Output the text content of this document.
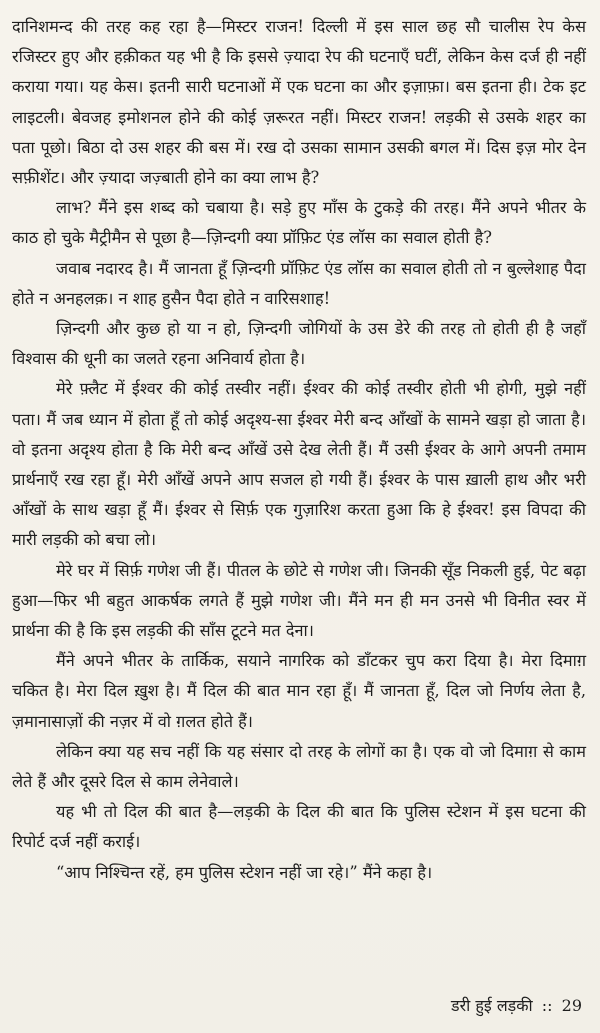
दानिशमन्द की तरह कह रहा है—मिस्टर राजन! दिल्ली में इस साल छह सौ चालीस रेप केस रजिस्टर हुए और हक़ीकत यह भी है कि इससे ज़्यादा रेप की घटनाएँ घटीं, लेकिन केस दर्ज ही नहीं कराया गया। यह केस। इतनी सारी घटनाओं में एक घटना का और इज़ाफ़ा। बस इतना ही। टेक इट लाइटली। बेवजह इमोशनल होने की कोई ज़रूरत नहीं। मिस्टर राजन! लड़की से उसके शहर का पता पूछो। बिठा दो उस शहर की बस में। रख दो उसका सामान उसकी बगल में। दिस इज़ मोर देन सफ़ीशेंट। और ज़्यादा जज़्बाती होने का क्या लाभ है?

लाभ? मैंने इस शब्द को चबाया है। सड़े हुए माँस के टुकड़े की तरह। मैंने अपने भीतर के काठ हो चुके मैट्रीमैन से पूछा है—ज़िन्दगी क्या प्रॉफ़िट एंड लॉस का सवाल होती है?

जवाब नदारद है। मैं जानता हूँ ज़िन्दगी प्रॉफ़िट एंड लॉस का सवाल होती तो न बुल्लेशाह पैदा होते न अनहलक़। न शाह हुसैन पैदा होते न वारिसशाह!

ज़िन्दगी और कुछ हो या न हो, ज़िन्दगी जोगियों के उस डेरे की तरह तो होती ही है जहाँ विश्वास की धूनी का जलते रहना अनिवार्य होता है।

मेरे फ़्लैट में ईश्वर की कोई तस्वीर नहीं। ईश्वर की कोई तस्वीर होती भी होगी, मुझे नहीं पता। मैं जब ध्यान में होता हूँ तो कोई अदृश्य-सा ईश्वर मेरी बन्द आँखों के सामने खड़ा हो जाता है। वो इतना अदृश्य होता है कि मेरी बन्द आँखें उसे देख लेती हैं। मैं उसी ईश्वर के आगे अपनी तमाम प्रार्थनाएँ रख रहा हूँ। मेरी आँखें अपने आप सजल हो गयी हैं। ईश्वर के पास ख़ाली हाथ और भरी आँखों के साथ खड़ा हूँ मैं। ईश्वर से सिर्फ़ एक गुज़ारिश करता हुआ कि हे ईश्वर! इस विपदा की मारी लड़की को बचा लो।

मेरे घर में सिर्फ़ गणेश जी हैं। पीतल के छोटे से गणेश जी। जिनकी सूँड निकली हुई, पेट बढ़ा हुआ—फिर भी बहुत आकर्षक लगते हैं मुझे गणेश जी। मैंने मन ही मन उनसे भी विनीत स्वर में प्रार्थना की है कि इस लड़की की साँस टूटने मत देना।

मैंने अपने भीतर के तार्किक, सयाने नागरिक को डाँटकर चुप करा दिया है। मेरा दिमाग़ चकित है। मेरा दिल ख़ुश है। मैं दिल की बात मान रहा हूँ। मैं जानता हूँ, दिल जो निर्णय लेता है, ज़मानासाज़ों की नज़र में वो ग़लत होते हैं।

लेकिन क्या यह सच नहीं कि यह संसार दो तरह के लोगों का है। एक वो जो दिमाग़ से काम लेते हैं और दूसरे दिल से काम लेनेवाले।

यह भी तो दिल की बात है—लड़की के दिल की बात कि पुलिस स्टेशन में इस घटना की रिपोर्ट दर्ज नहीं कराई।

“आप निश्चिन्त रहें, हम पुलिस स्टेशन नहीं जा रहे।” मैंने कहा है।

डरी हुई लड़की :: 29
